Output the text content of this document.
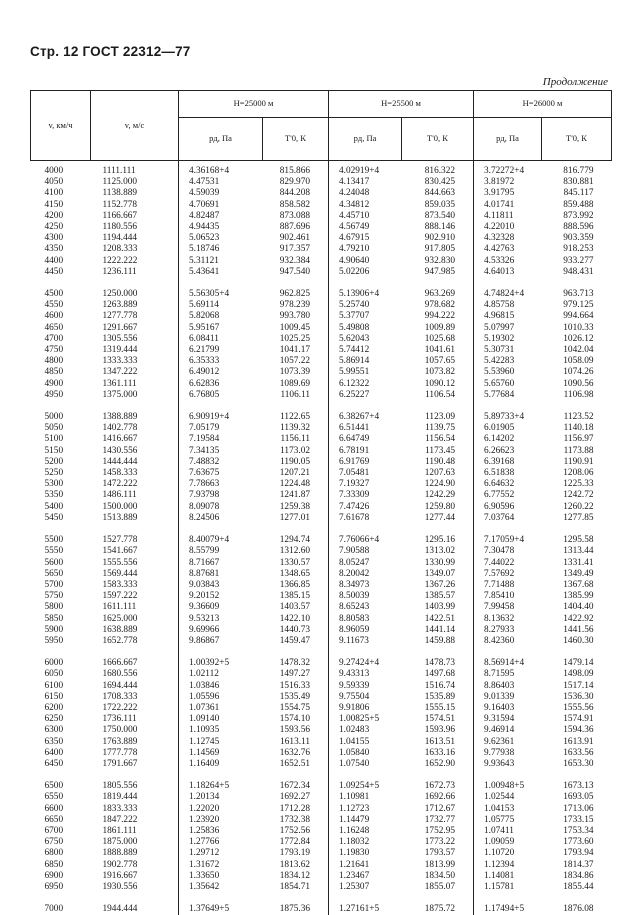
Стр. 12 ГОСТ 22312—77
Продолжение
v, км/ч	v, м/с	H=25000 м		H=25500 м		H=26000 м	
		pд, Па	T'0, К	pд, Па	T'0, К	pд, Па	T'0, К
4000	1111.111	4.36168+4	815.866	4.02919+4	816.322	3.72272+4	816.779
4050	1125.000	4.47531	829.970	4.13417	830.425	3.81972	830.881
4100	1138.889	4.59039	844.208	4.24048	844.663	3.91795	845.117
4150	1152.778	4.70691	858.582	4.34812	859.035	4.01741	859.488
4200	1166.667	4.82487	873.088	4.45710	873.540	4.11811	873.992
4250	1180.556	4.94435	887.696	4.56749	888.146	4.22010	888.596
4300	1194.444	5.06523	902.461	4.67915	902.910	4.32328	903.359
4350	1208.333	5.18746	917.357	4.79210	917.805	4.42763	918.253
4400	1222.222	5.31121	932.384	4.90640	932.830	4.53326	933.277
4450	1236.111	5.43641	947.540	5.02206	947.985	4.64013	948.431
4500	1250.000	5.56305+4	962.825	5.13906+4	963.269	4.74824+4	963.713
4550	1263.889	5.69114	978.239	5.25740	978.682	4.85758	979.125
4600	1277.778	5.82068	993.780	5.37707	994.222	4.96815	994.664
4650	1291.667	5.95167	1009.45	5.49808	1009.89	5.07997	1010.33
4700	1305.556	6.08411	1025.25	5.62043	1025.68	5.19302	1026.12
4750	1319.444	6.21799	1041.17	5.74412	1041.61	5.30731	1042.04
4800	1333.333	6.35333	1057.22	5.86914	1057.65	5.42283	1058.09
4850	1347.222	6.49012	1073.39	5.99551	1073.82	5.53960	1074.26
4900	1361.111	6.62836	1089.69	6.12322	1090.12	5.65760	1090.56
4950	1375.000	6.76805	1106.11	6.25227	1106.54	5.77684	1106.98
5000	1388.889	6.90919+4	1122.65	6.38267+4	1123.09	5.89733+4	1123.52
5050	1402.778	7.05179	1139.32	6.51441	1139.75	6.01905	1140.18
5100	1416.667	7.19584	1156.11	6.64749	1156.54	6.14202	1156.97
5150	1430.556	7.34135	1173.02	6.78191	1173.45	6.26623	1173.88
5200	1444.444	7.48832	1190.05	6.91769	1190.48	6.39168	1190.91
5250	1458.333	7.63675	1207.21	7.05481	1207.63	6.51838	1208.06
5300	1472.222	7.78663	1224.48	7.19327	1224.90	6.64632	1225.33
5350	1486.111	7.93798	1241.87	7.33309	1242.29	6.77552	1242.72
5400	1500.000	8.09078	1259.38	7.47426	1259.80	6.90596	1260.22
5450	1513.889	8.24506	1277.01	7.61678	1277.44	7.03764	1277.85
5500	1527.778	8.40079+4	1294.74	7.76066+4	1295.16	7.17059+4	1295.58
5550	1541.667	8.55799	1312.60	7.90588	1313.02	7.30478	1313.44
5600	1555.556	8.71667	1330.57	8.05247	1330.99	7.44022	1331.41
5650	1569.444	8.87681	1348.65	8.20042	1349.07	7.57692	1349.49
5700	1583.333	9.03843	1366.85	8.34973	1367.26	7.71488	1367.68
5750	1597.222	9.20152	1385.15	8.50039	1385.57	7.85410	1385.99
5800	1611.111	9.36609	1403.57	8.65243	1403.99	7.99458	1404.40
5850	1625.000	9.53213	1422.10	8.80583	1422.51	8.13632	1422.92
5900	1638.889	9.69966	1440.73	8.96059	1441.14	8.27933	1441.56
5950	1652.778	9.86867	1459.47	9.11673	1459.88	8.42360	1460.30
6000	1666.667	1.00392+5	1478.32	9.27424+4	1478.73	8.56914+4	1479.14
6050	1680.556	1.02112	1497.27	9.43313	1497.68	8.71595	1498.09
6100	1694.444	1.03846	1516.33	9.59339	1516.74	8.86403	1517.14
6150	1708.333	1.05596	1535.49	9.75504	1535.89	9.01339	1536.30
6200	1722.222	1.07361	1554.75	9.91806	1555.15	9.16403	1555.56
6250	1736.111	1.09140	1574.10	1.00825+5	1574.51	9.31594	1574.91
6300	1750.000	1.10935	1593.56	1.02483	1593.96	9.46914	1594.36
6350	1763.889	1.12745	1613.11	1.04155	1613.51	9.62361	1613.91
6400	1777.778	1.14569	1632.76	1.05840	1633.16	9.77938	1633.56
6450	1791.667	1.16409	1652.51	1.07540	1652.90	9.93643	1653.30
6500	1805.556	1.18264+5	1672.34	1.09254+5	1672.73	1.00948+5	1673.13
6550	1819.444	1.20134	1692.27	1.10981	1692.66	1.02544	1693.05
6600	1833.333	1.22020	1712.28	1.12723	1712.67	1.04153	1713.06
6650	1847.222	1.23920	1732.38	1.14479	1732.77	1.05775	1733.15
6700	1861.111	1.25836	1752.56	1.16248	1752.95	1.07411	1753.34
6750	1875.000	1.27766	1772.84	1.18032	1773.22	1.09059	1773.60
6800	1888.889	1.29712	1793.19	1.19830	1793.57	1.10720	1793.94
6850	1902.778	1.31672	1813.62	1.21641	1813.99	1.12394	1814.37
6900	1916.667	1.33650	1834.12	1.23467	1834.50	1.14081	1834.86
6950	1930.556	1.35642	1854.71	1.25307	1855.07	1.15781	1855.44
7000	1944.444	1.37649+5	1875.36	1.27161+5	1875.72	1.17494+5	1876.08
